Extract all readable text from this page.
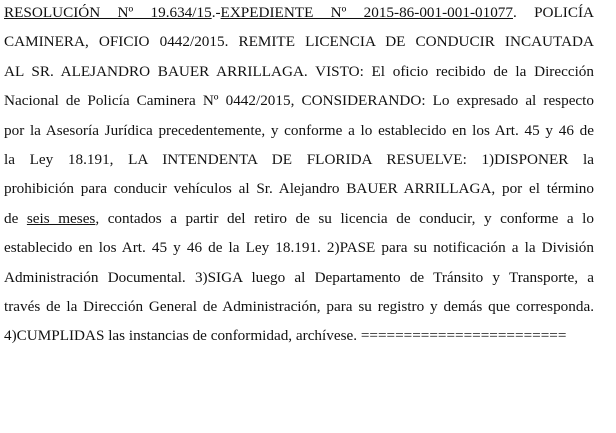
RESOLUCIÓN Nº 19.634/15.-EXPEDIENTE Nº 2015-86-001-001-01077. POLICÍA
CAMINERA, OFICIO 0442/2015. REMITE LICENCIA DE CONDUCIR INCAUTADA
AL SR. ALEJANDRO BAUER ARRILLAGA. VISTO: El oficio recibido de la Dirección
Nacional de Policía Caminera Nº 0442/2015, CONSIDERANDO: Lo expresado al respecto
por la Asesoría Jurídica precedentemente, y conforme a lo establecido en los Art. 45 y 46 de
la Ley 18.191, LA INTENDENTA DE FLORIDA RESUELVE: 1)DISPONER la
prohibición para conducir vehículos al Sr. Alejandro BAUER ARRILLAGA, por el término
de seis meses, contados a partir del retiro de su licencia de conducir, y conforme a lo
establecido en los Art. 45 y 46 de la Ley 18.191. 2)PASE para su notificación a la División
Administración Documental. 3)SIGA luego al Departamento de Tránsito y Transporte, a
través de la Dirección General de Administración, para su registro y demás que corresponda.
4)CUMPLIDAS las instancias de conformidad, archívese. ========================
